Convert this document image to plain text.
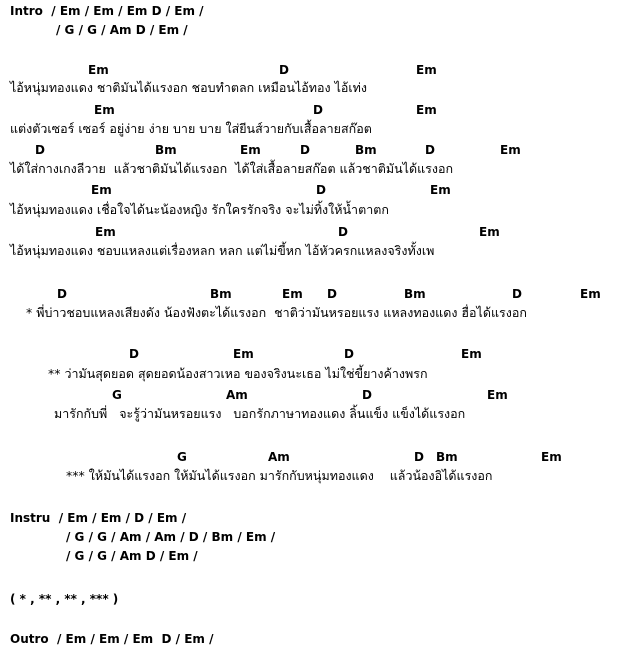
Intro  / Em / Em / Em D / Em /
/ G / G / Am D / Em /
Em	D	Em
ไอ้หนุ่มทองแดง ชาติมันได้แรงอก ชอบทำตลก เหมือนไอ้ทอง ไอ้เท่ง
Em	D	Em
แต่งตัวเซอร์ เซอร์ อยู่ง่าย ง่าย บาย บาย ใส่ยีนส์วายกับเสื้อลายสก๊อต
D	Bm	Em	D	Bm	D	Em
ได้ใส่กางเกงลีวาย  แล้วชาติมันได้แรงอก  ได้ใส่เสื้อลายสก๊อต แล้วชาติมันได้แรงอก
Em	D	Em
ไอ้หนุ่มทองแดง เชื่อใจได้นะน้องหญิง รักใครรักจริง จะไม่ทิ้งให้น้ำตาตก
Em	D	Em
ไอ้หนุ่มทองแดง ชอบแหลงแต่เรื่องหลก หลก แต่ไม่ขี้หก ไอ้หัวครกแหลงจริงทั้งเพ
D	Bm	Em D	Bm	D	Em
* พี่บ่าวชอบแหลงเสียงดัง น้องฟังตะได้แรงอก  ชาติว่ามันหรอยแรง แหลงทองแดง ฮื่อได้แรงอก
D	Em	D	Em
** ว่ามันสุดยอด สุดยอดน้องสาวเหอ ของจริงนะเธอ ไม่ใช่ขี้ยางค้างพรก
G	Am	D	Em
มารักกับพี่   จะรู้ว่ามันหรอยแรง   บอกรักภาษาทองแดง ลิ้นแข็ง แข็งได้แรงอก
G	Am	D Bm	Em
*** ให้มันได้แรงอก ให้มันได้แรงอก มารักกับหนุ่มทองแดง    แล้วน้องอิได้แรงอก
Instru  / Em / Em / D / Em /
/ G / G / Am / Am / D / Bm / Em /
/ G / G / Am D / Em /
( * , ** , ** , *** )
Outro  / Em / Em / Em  D / Em /
